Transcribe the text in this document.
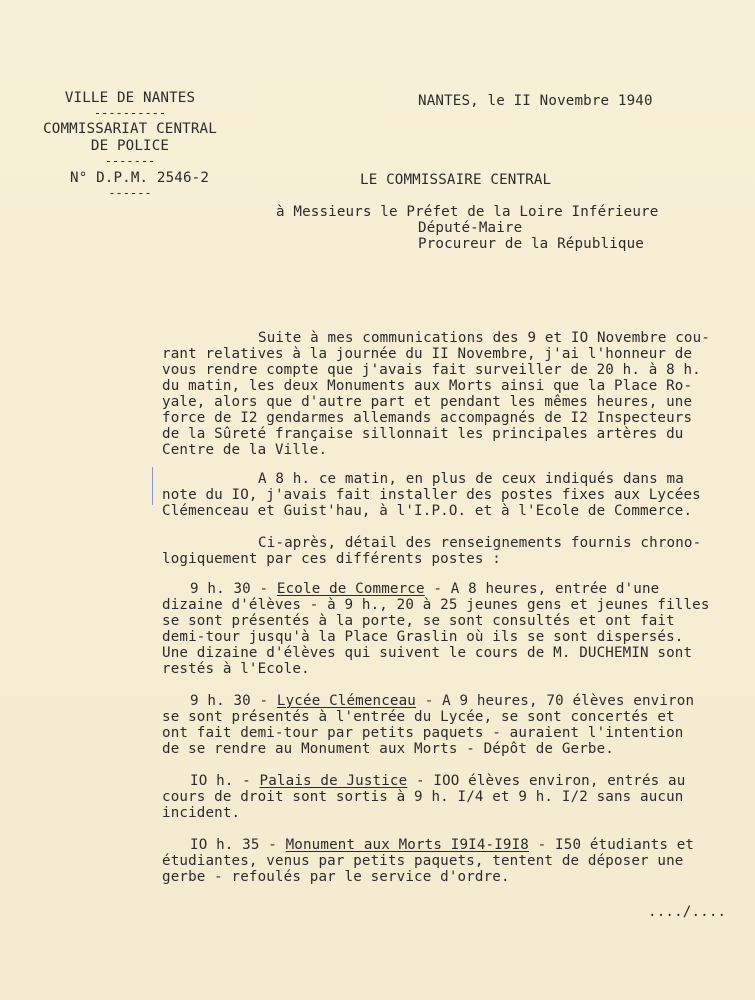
VILLE DE NANTES
----------
COMMISSARIAT CENTRAL
DE POLICE
-------
N° D.P.M. 2546-2
------
NANTES, le II Novembre 1940
LE COMMISSAIRE CENTRAL
à Messieurs le Préfet de la Loire Inférieure
Député-Maire
Procureur de la République
Suite à mes communications des 9 et IO Novembre cou-
rant relatives à la journée du II Novembre, j'ai l'honneur de
vous rendre compte que j'avais fait surveiller de 20 h. à 8 h.
du matin, les deux Monuments aux Morts ainsi que la Place Ro-
yale, alors que d'autre part et pendant les mêmes heures, une
force de I2 gendarmes allemands accompagnés de I2 Inspecteurs
de la Sûreté française sillonnait les principales artères du
Centre de la Ville.
A 8 h. ce matin, en plus de ceux indiqués dans ma
note du IO, j'avais fait installer des postes fixes aux Lycées
Clémenceau et Guist'hau, à l'I.P.O. et à l'Ecole de Commerce.
Ci-après, détail des renseignements fournis chrono-
logiquement par ces différents postes :
9 h. 30 - Ecole de Commerce - A 8 heures, entrée d'une
dizaine d'élèves - à 9 h., 20 à 25 jeunes gens et jeunes filles
se sont présentés à la porte, se sont consultés et ont fait
demi-tour jusqu'à la Place Graslin où ils se sont dispersés.
Une dizaine d'élèves qui suivent le cours de M. DUCHEMIN sont
restés à l'Ecole.
9 h. 30 - Lycée Clémenceau - A 9 heures, 70 élèves environ
se sont présentés à l'entrée du Lycée, se sont concertés et
ont fait demi-tour par petits paquets - auraient l'intention
de se rendre au Monument aux Morts - Dépôt de Gerbe.
IO h. - Palais de Justice - IOO élèves environ, entrés au
cours de droit sont sortis à 9 h. I/4 et 9 h. I/2 sans aucun
incident.
IO h. 35 - Monument aux Morts I9I4-I9I8 - I50 étudiants et
étudiantes, venus par petits paquets, tentent de déposer une
gerbe - refoulés par le service d'ordre.
..../....
